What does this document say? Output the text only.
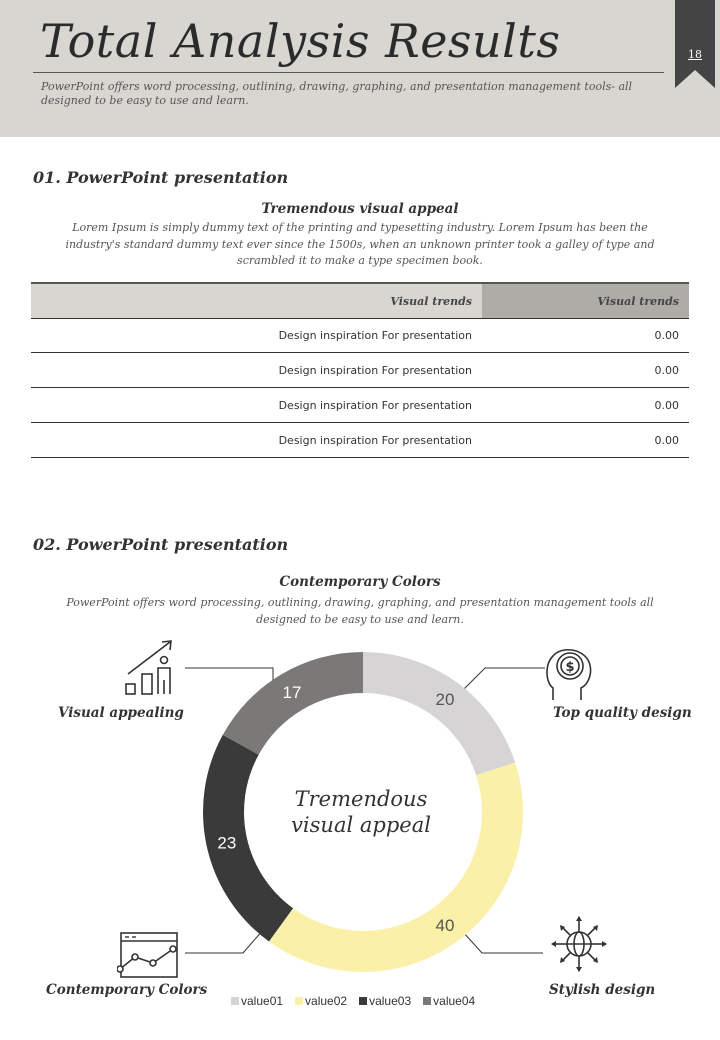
Total Analysis Results
PowerPoint offers word processing, outlining, drawing, graphing, and presentation management tools- all designed to be easy to use and learn.
18
01. PowerPoint presentation
Tremendous visual appeal
Lorem Ipsum is simply dummy text of the printing and typesetting industry. Lorem Ipsum has been the industry's standard dummy text ever since the 1500s, when an unknown printer took a galley of type and scrambled it to make a type specimen book.
Visual trends	Visual trends
Design inspiration For presentation	0.00
Design inspiration For presentation	0.00
Design inspiration For presentation	0.00
Design inspiration For presentation	0.00
02. PowerPoint presentation
Contemporary Colors
PowerPoint offers word processing, outlining, drawing, graphing, and presentation management tools all designed to be easy to use and learn.
20
40
23
17
Tremendous visual appeal
$
Visual appealing	Top quality design
Contemporary Colors	Stylish design
value01 value02 value03 value04
